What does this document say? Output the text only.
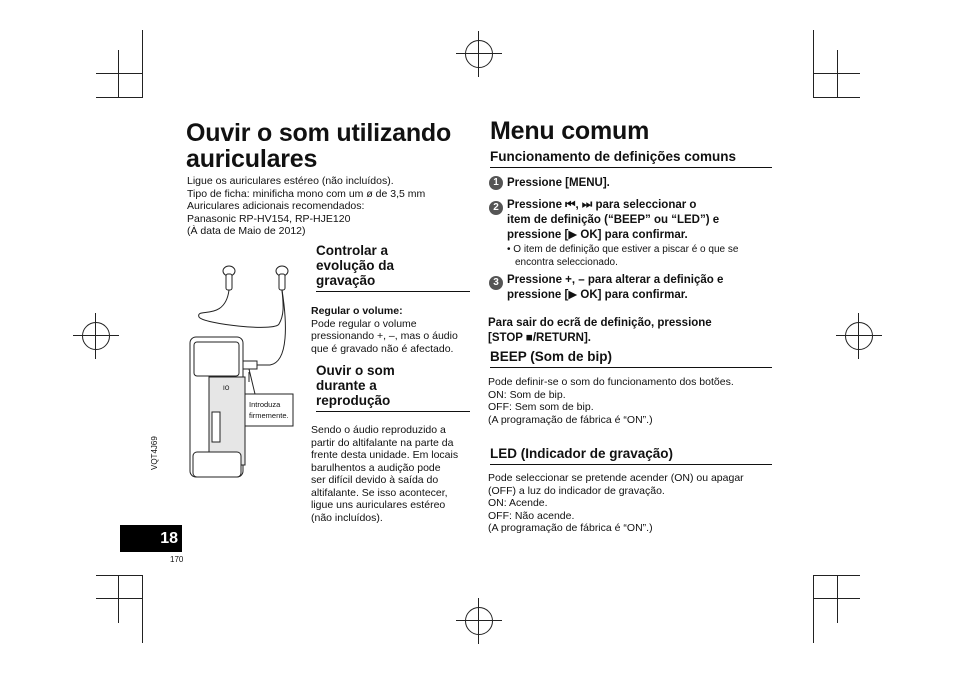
Ouvir o som utilizando
auriculares
Ligue os auriculares estéreo (não incluídos).
Tipo de ficha: minificha mono com um ø de 3,5 mm
Auriculares adicionais recomendados:
Panasonic RP-HV154, RP-HJE120
(À data de Maio de 2012)
IO
Introduza
firmemente.
Controlar a
evolução da
gravação
Regular o volume:
Pode regular o volume
pressionando +, –, mas o áudio
que é gravado não é afectado.
Ouvir o som
durante a
reprodução
Sendo o áudio reproduzido a
partir do altifalante na parte da
frente desta unidade. Em locais
barulhentos a audição pode
ser difícil devido à saída do
altifalante. Se isso acontecer,
ligue uns auriculares estéreo
(não incluídos).
Menu comum
Funcionamento de definições comuns
1 Pressione [MENU].
2 Pressione ⏮, ⏭ para seleccionar o
item de definição (“BEEP” ou “LED”) e
pressione [▶ OK] para confirmar.
• O item de definição que estiver a piscar é o que se
encontra seleccionado.
3 Pressione +, – para alterar a definição e
pressione [▶ OK] para confirmar.
Para sair do ecrã de definição, pressione
[STOP ■/RETURN].
BEEP (Som de bip)
Pode definir-se o som do funcionamento dos botões.
ON: Som de bip.
OFF: Sem som de bip.
(A programação de fábrica é “ON”.)
LED (Indicador de gravação)
Pode seleccionar se pretende acender (ON) ou apagar
(OFF) a luz do indicador de gravação.
ON: Acende.
OFF: Não acende.
(A programação de fábrica é “ON”.)
VQT4J69
18
170
